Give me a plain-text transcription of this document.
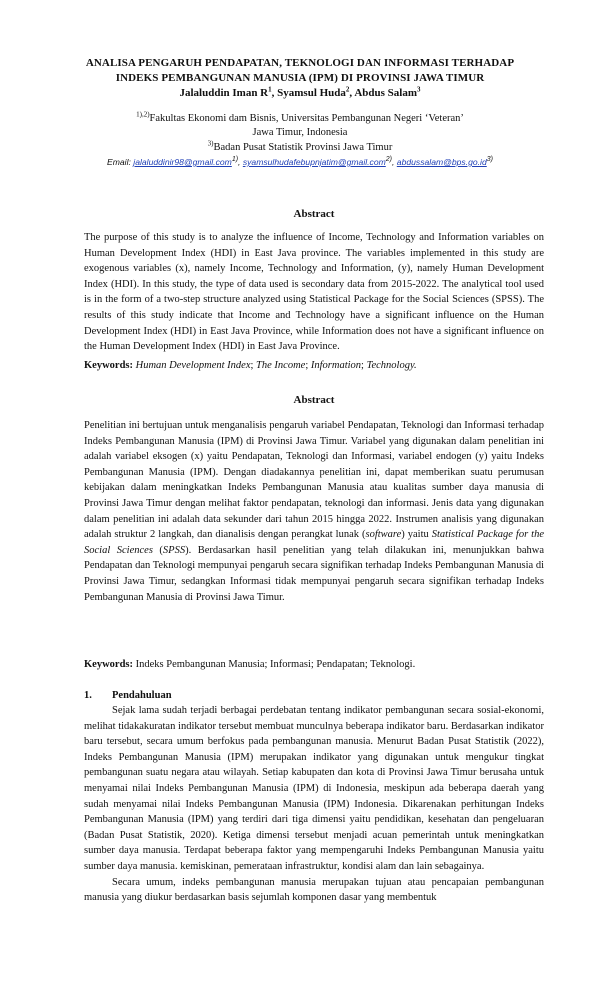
ANALISA PENGARUH PENDAPATAN, TEKNOLOGI DAN INFORMASI TERHADAP INDEKS PEMBANGUNAN MANUSIA (IPM) DI PROVINSI JAWA TIMUR
Jalaluddin Iman $R^1$, Syamsul Huda$^2$, Abdus Salam$^3$
$^{1),2)}$Fakultas Ekonomi dam Bisnis, Universitas Pembangunan Negeri ‘Veteran’
Jawa Timur, Indonesia
$^{3)}$Badan Pusat Statistik Provinsi Jawa Timur
Email: jalaluddinir98@gmail.com$^{1)}$, syamsulhudafebupnjatim@gmail.com$^{2)}$, $abdussalam@bps.go.id^{3)}$
Abstract
The purpose of this study is to analyze the influence of Income, Technology and Information variables on Human Development Index (HDI) in East Java province. The variables implemented in this study are exogenous variables (x), namely Income, Technology and Information, (y), namely Human Development Index (HDI). In this study, the type of data used is secondary data from 2015-2022. The analytical tool used is in the form of a two-step structure analyzed using Statistical Package for the Social Sciences (SPSS). The results of this study indicate that Income and Technology have a significant influence on the Human Development Index (HDI) in East Java Province, while Information does not have a significant influence on the Human Development Index (HDI) in East Java Province.
Keywords: Human Development Index; The Income; Information; Technology.
Abstract
Penelitian ini bertujuan untuk menganalisis pengaruh variabel Pendapatan, Teknologi dan Informasi terhadap Indeks Pembangunan Manusia (IPM) di Provinsi Jawa Timur. Variabel yang digunakan dalam penelitian ini adalah variabel eksogen (x) yaitu Pendapatan, Teknologi dan Informasi, variabel endogen (y) yaitu Indeks Pembangunan Manusia (IPM). Dengan diadakannya penelitian ini, dapat memberikan suatu perumusan kebijakan dalam meningkatkan Indeks Pembangunan Manusia atau kualitas sumber daya manusia di Provinsi Jawa Timur dengan melihat faktor pendapatan, teknologi dan informasi. Jenis data yang digunakan dalam penelitian ini adalah data sekunder dari tahun 2015 hingga 2022. Instrumen analisis yang digunakan adalah struktur 2 langkah, dan dianalisis dengan perangkat lunak (software) yaitu Statistical Package for the Social Sciences (SPSS). Berdasarkan hasil penelitian yang telah dilakukan ini, menunjukkan bahwa Pendapatan dan Teknologi mempunyai pengaruh secara signifikan terhadap Indeks Pembangunan Manusia di Provinsi Jawa Timur, sedangkan Informasi tidak mempunyai pengaruh secara signifikan terhadap Indeks Pembangunan Manusia di Provinsi Jawa Timur.
Keywords: Indeks Pembangunan Manusia; Informasi; Pendapatan; Teknologi.
1. Pendahuluan
Sejak lama sudah terjadi berbagai perdebatan tentang indikator pembangunan secara sosial-ekonomi, melihat tidakakuratan indikator tersebut membuat munculnya beberapa indikator baru. Berdasarkan indikator baru tersebut, secara umum berfokus pada pembangunan manusia. Menurut Badan Pusat Statistik (2022), Indeks Pembangunan Manusia (IPM) merupakan indikator yang digunakan untuk mengukur tingkat pembangunan suatu negara atau wilayah. Setiap kabupaten dan kota di Provinsi Jawa Timur berusaha untuk menyamai nilai Indeks Pembangunan Manusia (IPM) di Indonesia, meskipun ada beberapa daerah yang sudah menyamai nilai Indeks Pembangunan Manusia (IPM) Indonesia. Dikarenakan perhitungan Indeks Pembangunan Manusia (IPM) yang terdiri dari tiga dimensi yaitu pendidikan, kesehatan dan pengeluaran (Badan Pusat Statistik, 2020). Ketiga dimensi tersebut menjadi acuan pemerintah untuk meningkatkan sumber daya manusia. Terdapat beberapa faktor yang mempengaruhi Indeks Pembangunan Manusia yaitu sumber daya manusia. kemiskinan, pemerataan infrastruktur, kondisi alam dan lain sebagainya.
Secara umum, indeks pembangunan manusia merupakan tujuan atau pencapaian pembangunan manusia yang diukur berdasarkan basis sejumlah komponen dasar yang membentuk
